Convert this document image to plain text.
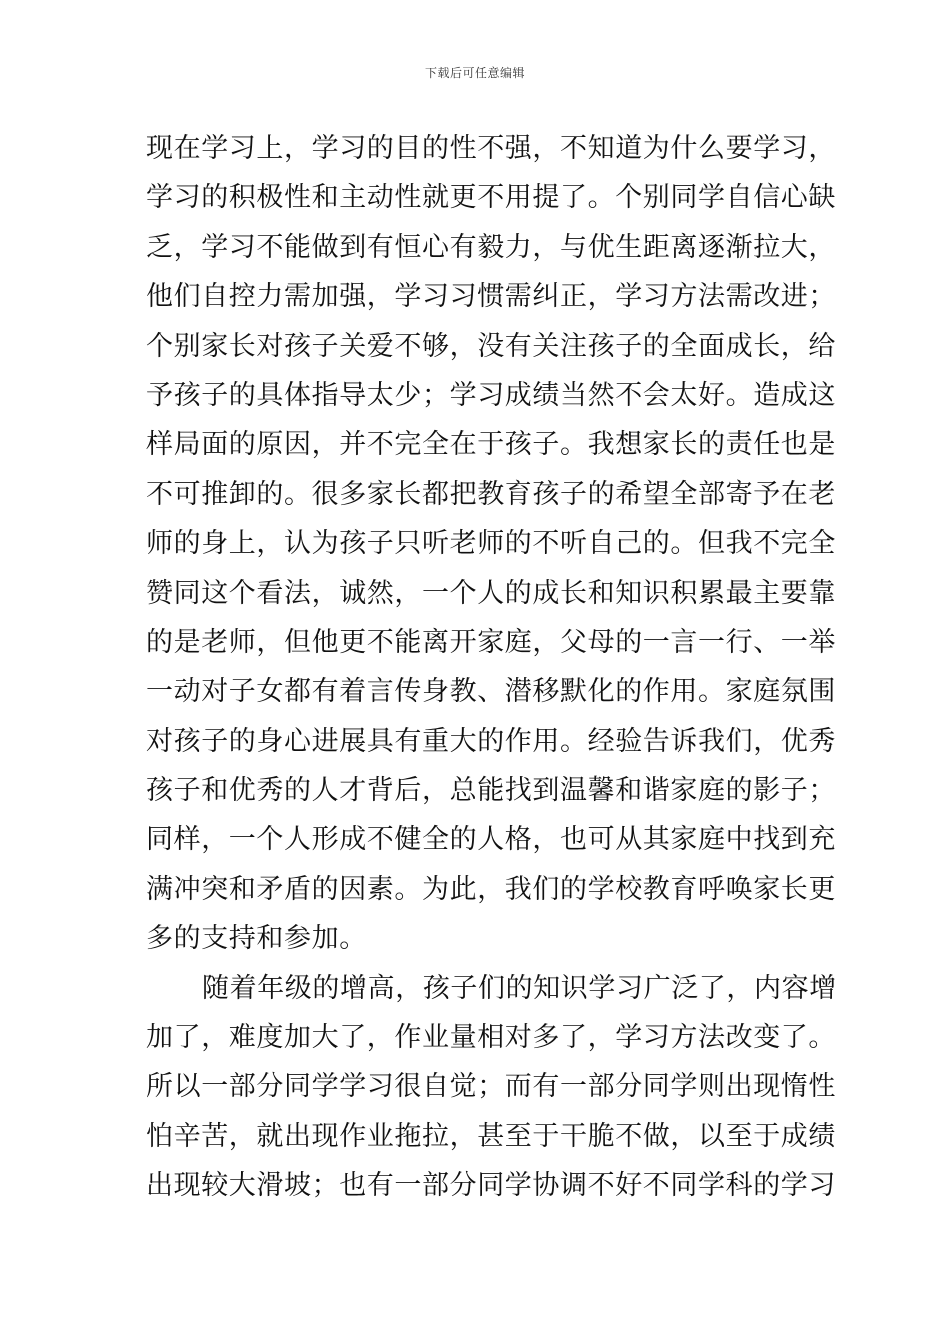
下载后可任意编辑
现在学习上，学习的目的性不强，不知道为什么要学习，
学习的积极性和主动性就更不用提了。个别同学自信心缺
乏，学习不能做到有恒心有毅力，与优生距离逐渐拉大，
他们自控力需加强，学习习惯需纠正，学习方法需改进；
个别家长对孩子关爱不够，没有关注孩子的全面成长，给
予孩子的具体指导太少；学习成绩当然不会太好。造成这
样局面的原因，并不完全在于孩子。我想家长的责任也是
不可推卸的。很多家长都把教育孩子的希望全部寄予在老
师的身上，认为孩子只听老师的不听自己的。但我不完全
赞同这个看法，诚然，一个人的成长和知识积累最主要靠
的是老师，但他更不能离开家庭，父母的一言一行、一举
一动对子女都有着言传身教、潜移默化的作用。家庭氛围
对孩子的身心进展具有重大的作用。经验告诉我们，优秀
孩子和优秀的人才背后，总能找到温馨和谐家庭的影子；
同样，一个人形成不健全的人格，也可从其家庭中找到充
满冲突和矛盾的因素。为此，我们的学校教育呼唤家长更
多的支持和参加。
随着年级的增高，孩子们的知识学习广泛了，内容增
加了，难度加大了，作业量相对多了，学习方法改变了。
所以一部分同学学习很自觉；而有一部分同学则出现惰性
怕辛苦，就出现作业拖拉，甚至于干脆不做，以至于成绩
出现较大滑坡；也有一部分同学协调不好不同学科的学习
